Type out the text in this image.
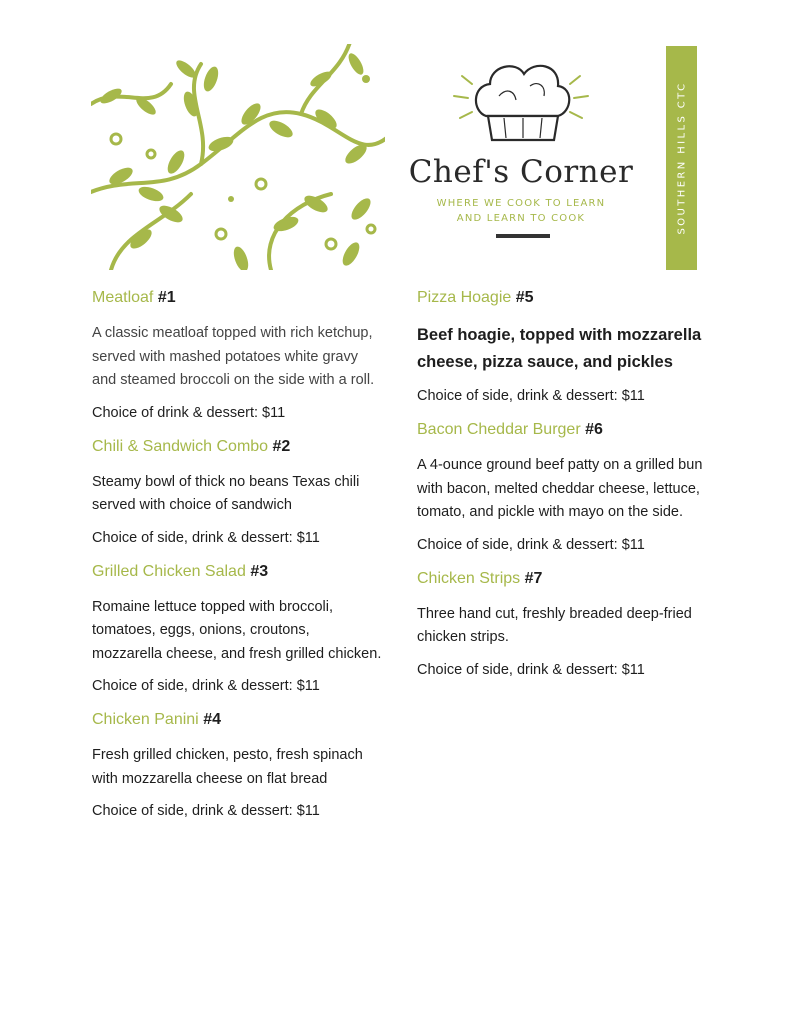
Chef's Corner
WHERE WE COOK TO LEARN
AND LEARN TO COOK	SOUTHERN HILLS CTC
Meatloaf #1
A classic meatloaf topped with rich ketchup, served with mashed potatoes white gravy and steamed broccoli on the side with a roll.
Choice of drink & dessert: $11
Chili & Sandwich Combo #2
Steamy bowl of thick no beans Texas chili served with choice of sandwich
Choice of side, drink & dessert: $11
Grilled Chicken Salad #3
Romaine lettuce topped with broccoli, tomatoes, eggs, onions, croutons, mozzarella cheese, and fresh grilled chicken.
Choice of side, drink & dessert: $11
Chicken Panini #4
Fresh grilled chicken, pesto, fresh spinach with mozzarella cheese on flat bread
Choice of side, drink & dessert: $11
Pizza Hoagie #5
Beef hoagie, topped with mozzarella cheese, pizza sauce, and pickles
Choice of side, drink & dessert: $11
Bacon Cheddar Burger #6
A 4-ounce ground beef patty on a grilled bun with bacon, melted cheddar cheese, lettuce, tomato, and pickle with mayo on the side.
Choice of side, drink & dessert: $11
Chicken Strips #7
Three hand cut, freshly breaded deep-fried chicken strips.
Choice of side, drink & dessert: $11
